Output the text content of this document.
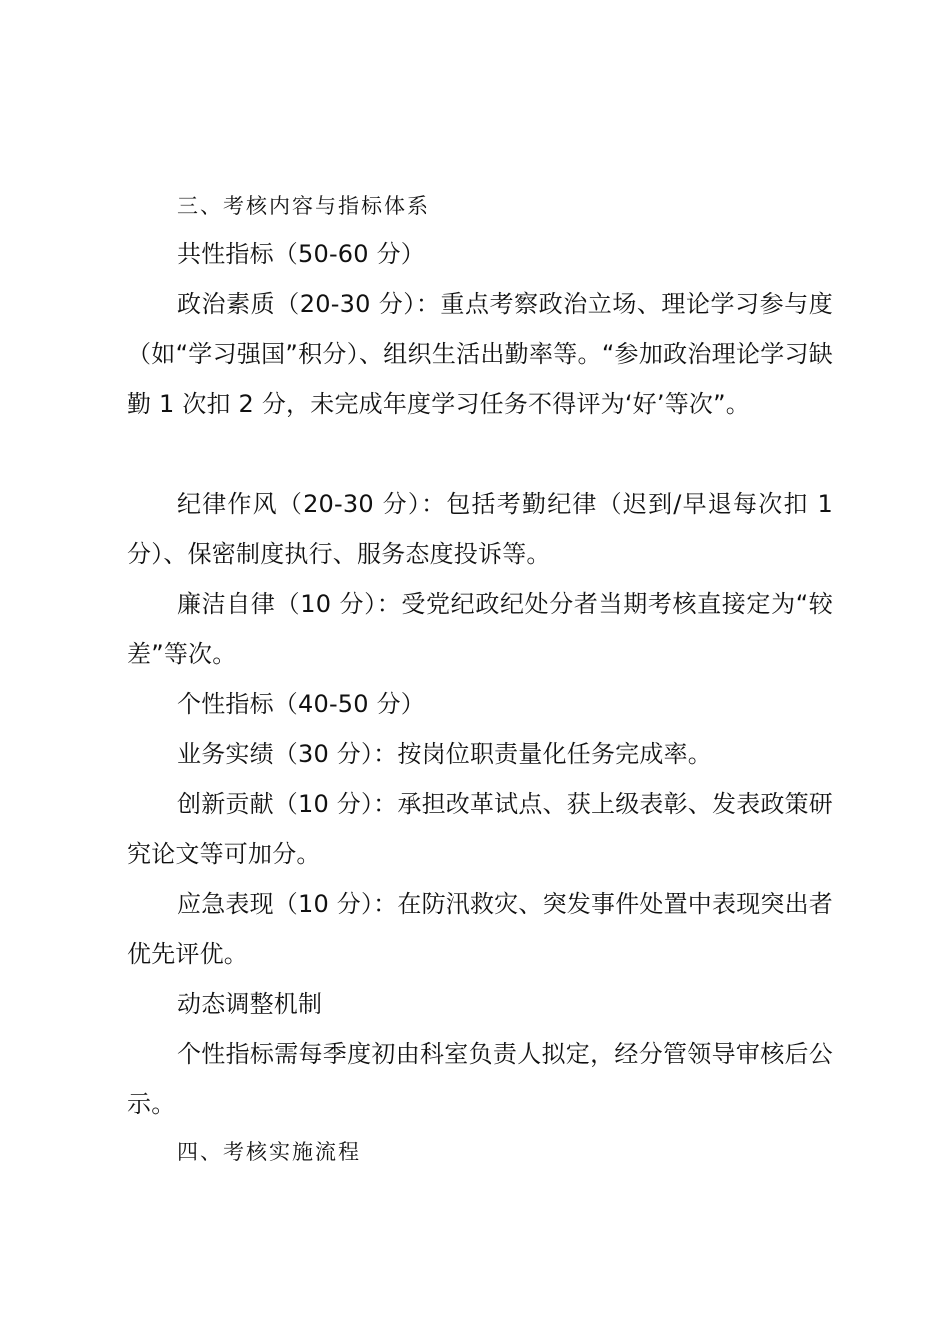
三、考核内容与指标体系

共性指标（50-60 分）

政治素质（20-30 分）：重点考察政治立场、理论学习参与度（如“学习强国”积分）、组织生活出勤率等。“参加政治理论学习缺勤 1 次扣 2 分，未完成年度学习任务不得评为‘好’等次”。

纪律作风（20-30 分）：包括考勤纪律（迟到/早退每次扣 1 分）、保密制度执行、服务态度投诉等。

廉洁自律（10 分）：受党纪政纪处分者当期考核直接定为“较差”等次。

个性指标（40-50 分）

业务实绩（30 分）：按岗位职责量化任务完成率。

创新贡献（10 分）：承担改革试点、获上级表彰、发表政策研究论文等可加分。

应急表现（10 分）：在防汛救灾、突发事件处置中表现突出者优先评优。

动态调整机制

个性指标需每季度初由科室负责人拟定，经分管领导审核后公示。

四、考核实施流程
